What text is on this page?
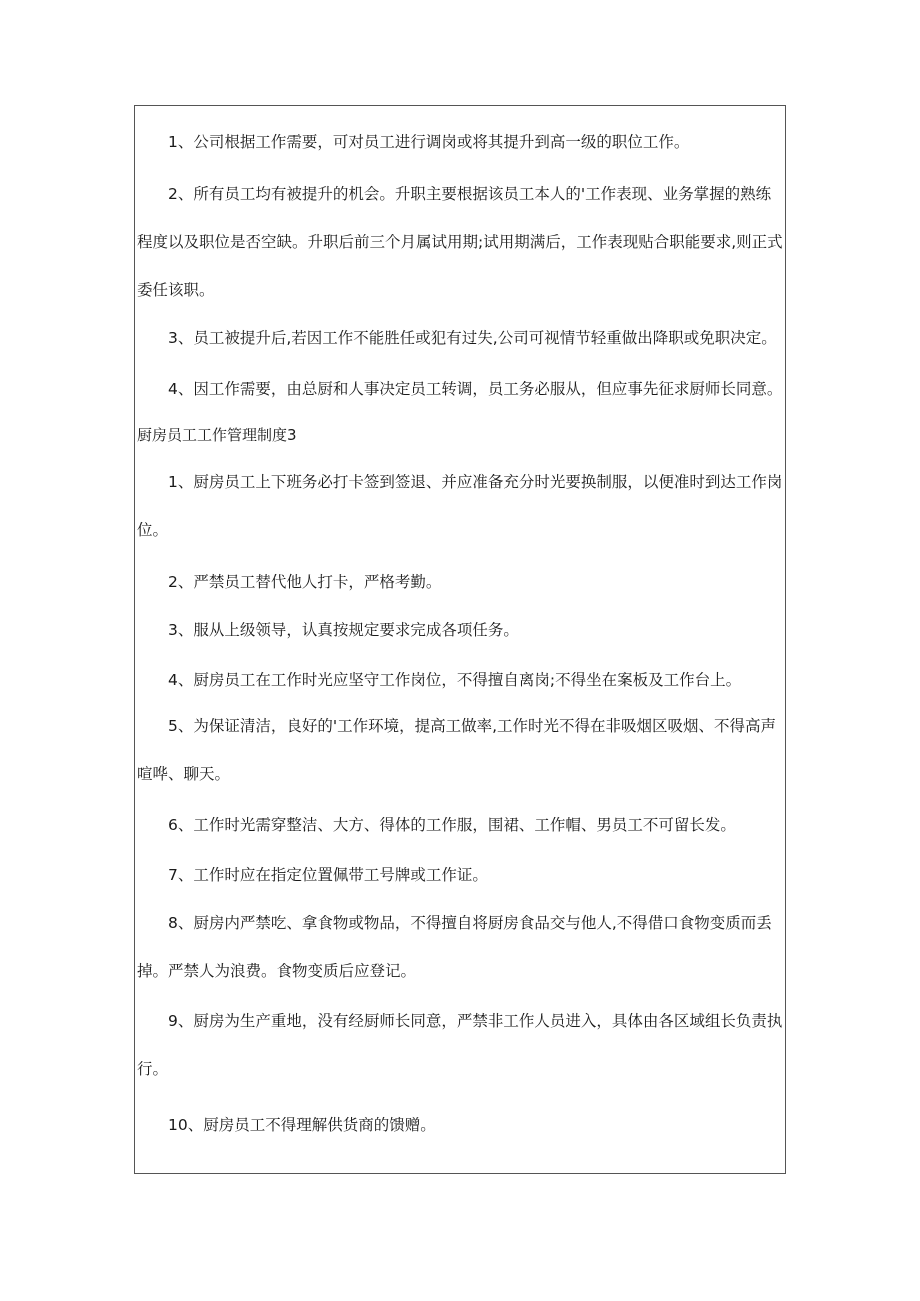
1、公司根据工作需要，可对员工进行调岗或将其提升到高一级的职位工作。

2、所有员工均有被提升的机会。升职主要根据该员工本人的'工作表现、业务掌握的熟练程度以及职位是否空缺。升职后前三个月属试用期;试用期满后，工作表现贴合职能要求,则正式委任该职。

3、员工被提升后,若因工作不能胜任或犯有过失,公司可视情节轻重做出降职或免职决定。

4、因工作需要，由总厨和人事决定员工转调，员工务必服从，但应事先征求厨师长同意。

厨房员工工作管理制度3

1、厨房员工上下班务必打卡签到签退、并应准备充分时光要换制服，以便准时到达工作岗位。

2、严禁员工替代他人打卡，严格考勤。

3、服从上级领导，认真按规定要求完成各项任务。

4、厨房员工在工作时光应坚守工作岗位，不得擅自离岗;不得坐在案板及工作台上。

5、为保证清洁，良好的'工作环境，提高工做率,工作时光不得在非吸烟区吸烟、不得高声喧哗、聊天。

6、工作时光需穿整洁、大方、得体的工作服，围裙、工作帽、男员工不可留长发。

7、工作时应在指定位置佩带工号牌或工作证。

8、厨房内严禁吃、拿食物或物品，不得擅自将厨房食品交与他人,不得借口食物变质而丢掉。严禁人为浪费。食物变质后应登记。

9、厨房为生产重地，没有经厨师长同意，严禁非工作人员进入，具体由各区域组长负责执行。

10、厨房员工不得理解供货商的馈赠。
